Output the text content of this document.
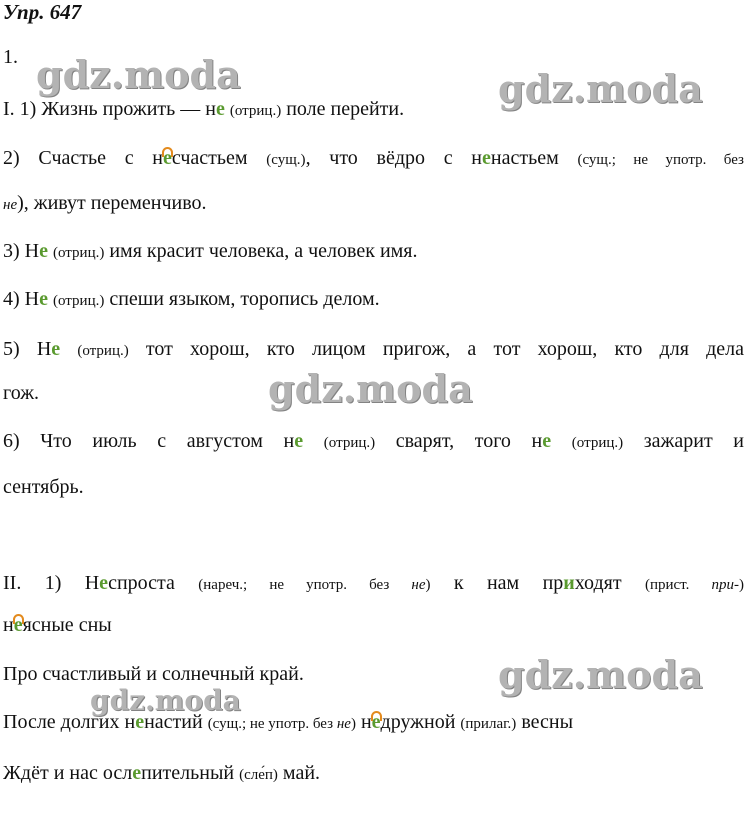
Упр. 647
1.
I. 1) Жизнь прожить — не (отриц.) поле перейти.
2) Счастье с н
есчастьем (сущ.), что вёдро с ненастьем (сущ.; не употр. без
не), живут переменчиво.
3) Не (отриц.) имя красит человека, а человек имя.
4) Не (отриц.) спеши языком, торопись делом.
5) Не (отриц.) тот хорош, кто лицом пригож, а тот хорош, кто для дела
гож.
6) Что июль с августом не (отриц.) сварят, того не (отриц.) зажарит и
сентябрь.
II. 1) Неспроста (нареч.; не употр. без не) к нам приходят (прист. при-)
н
еясные сны
Про счастливый и солнечный край.
После долгих ненастий (сущ.; не употр. без не) н
едружной (прилаг.) весны
Ждёт и нас ослепительный (сле́п) май.
gdz.moda	gdz.moda
gdz.moda
gdz.moda
gdz.moda
